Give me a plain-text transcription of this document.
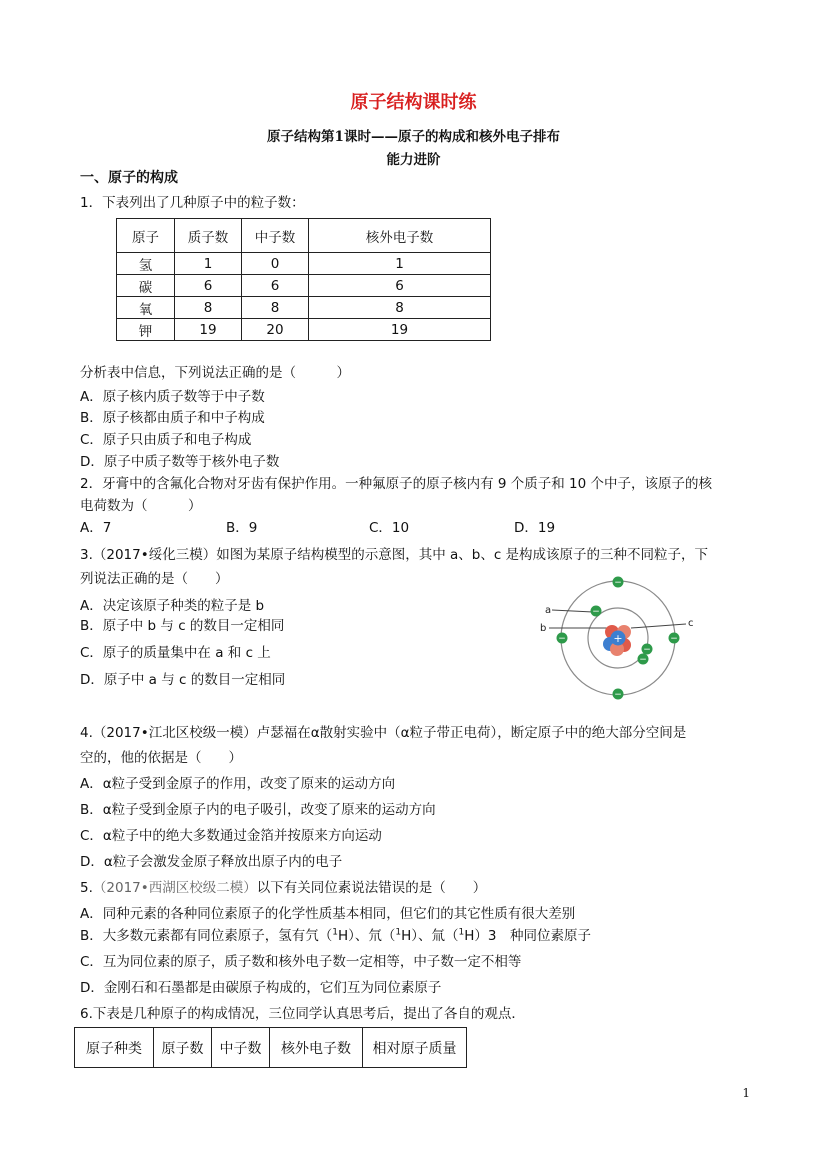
原子结构课时练
原子结构第1课时——原子的构成和核外电子排布
能力进阶
一、原子的构成
1．下表列出了几种原子中的粒子数：
原子	质子数	中子数	核外电子数
氢	1	0	1
碳	6	6	6
氧	8	8	8
钾	19	20	19
分析表中信息，下列说法正确的是（　　　）
A．原子核内质子数等于中子数
B．原子核都由质子和中子构成
C．原子只由质子和电子构成
D．原子中质子数等于核外电子数
2．牙膏中的含氟化合物对牙齿有保护作用。一种氟原子的原子核内有 9 个质子和 10 个中子，该原子的核
电荷数为（　　　）
A．7	B．9	C．10	D．19
3.（2017•绥化三模）如图为某原子结构模型的示意图，其中 a、b、c 是构成该原子的三种不同粒子，下
列说法正确的是（　　）
A．决定该原子种类的粒子是 b
B．原子中 b 与 c 的数目一定相同
C．原子的质量集中在 a 和 c 上
D．原子中 a 与 c 的数目一定相同
a
b	c
+
−
−
−	−
−
−
−
4.（2017•江北区校级一模）卢瑟福在α散射实验中（α粒子带正电荷），断定原子中的绝大部分空间是
空的，他的依据是（　　）
A．α粒子受到金原子的作用，改变了原来的运动方向
B．α粒子受到金原子内的电子吸引，改变了原来的运动方向
C．α粒子中的绝大多数通过金箔并按原来方向运动
D．α粒子会激发金原子释放出原子内的电子
5.（2017•西湖区校级二模）以下有关同位素说法错误的是（　　）
A．同种元素的各种同位素原子的化学性质基本相同，但它们的其它性质有很大差别
B．大多数元素都有同位素原子，氢有氕（$^1$H）、氘（$^1$H）、氚（$^1$H）3　种同位素原子
C．互为同位素的原子，质子数和核外电子数一定相等，中子数一定不相等
D．金刚石和石墨都是由碳原子构成的，它们互为同位素原子
6.下表是几种原子的构成情况，三位同学认真思考后，提出了各自的观点．
原子种类	原子数	中子数	核外电子数	相对原子质量
1
